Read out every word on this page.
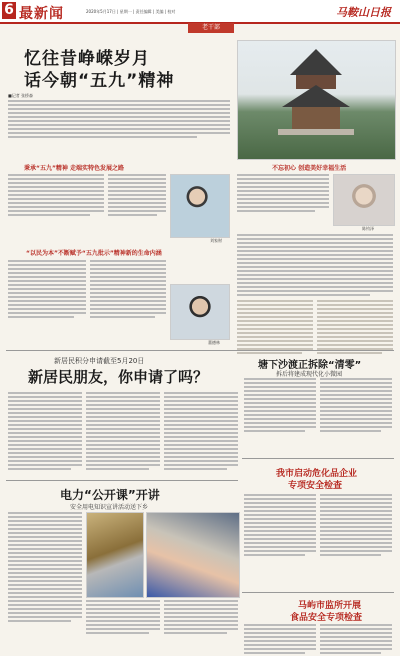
6 最新闻	2020年5月17日 | 星期一 | 责任编辑 | 美编 | 校对	马鞍山日报
老干部
忆往昔峥嵘岁月
话今朝“五九”精神
■记者 张桥森
秉承“五九”精神 走端实特色发展之路
刘家财
“以民为本”不断赋予“五九批示”精神新的生命内涵
董德林
不忘初心 创造美好幸福生活
陈钧泽
新居民积分申请截至5月20日
新居民朋友，你申请了吗？
塘下沙渡正拆除“清零”
拆后将建成现代化小微园
我市启动危化品企业
专项安全检查
电力“公开课”开讲
安全用电知识宣讲活动送下乡
马屿市监所开展
食品安全专项检查
